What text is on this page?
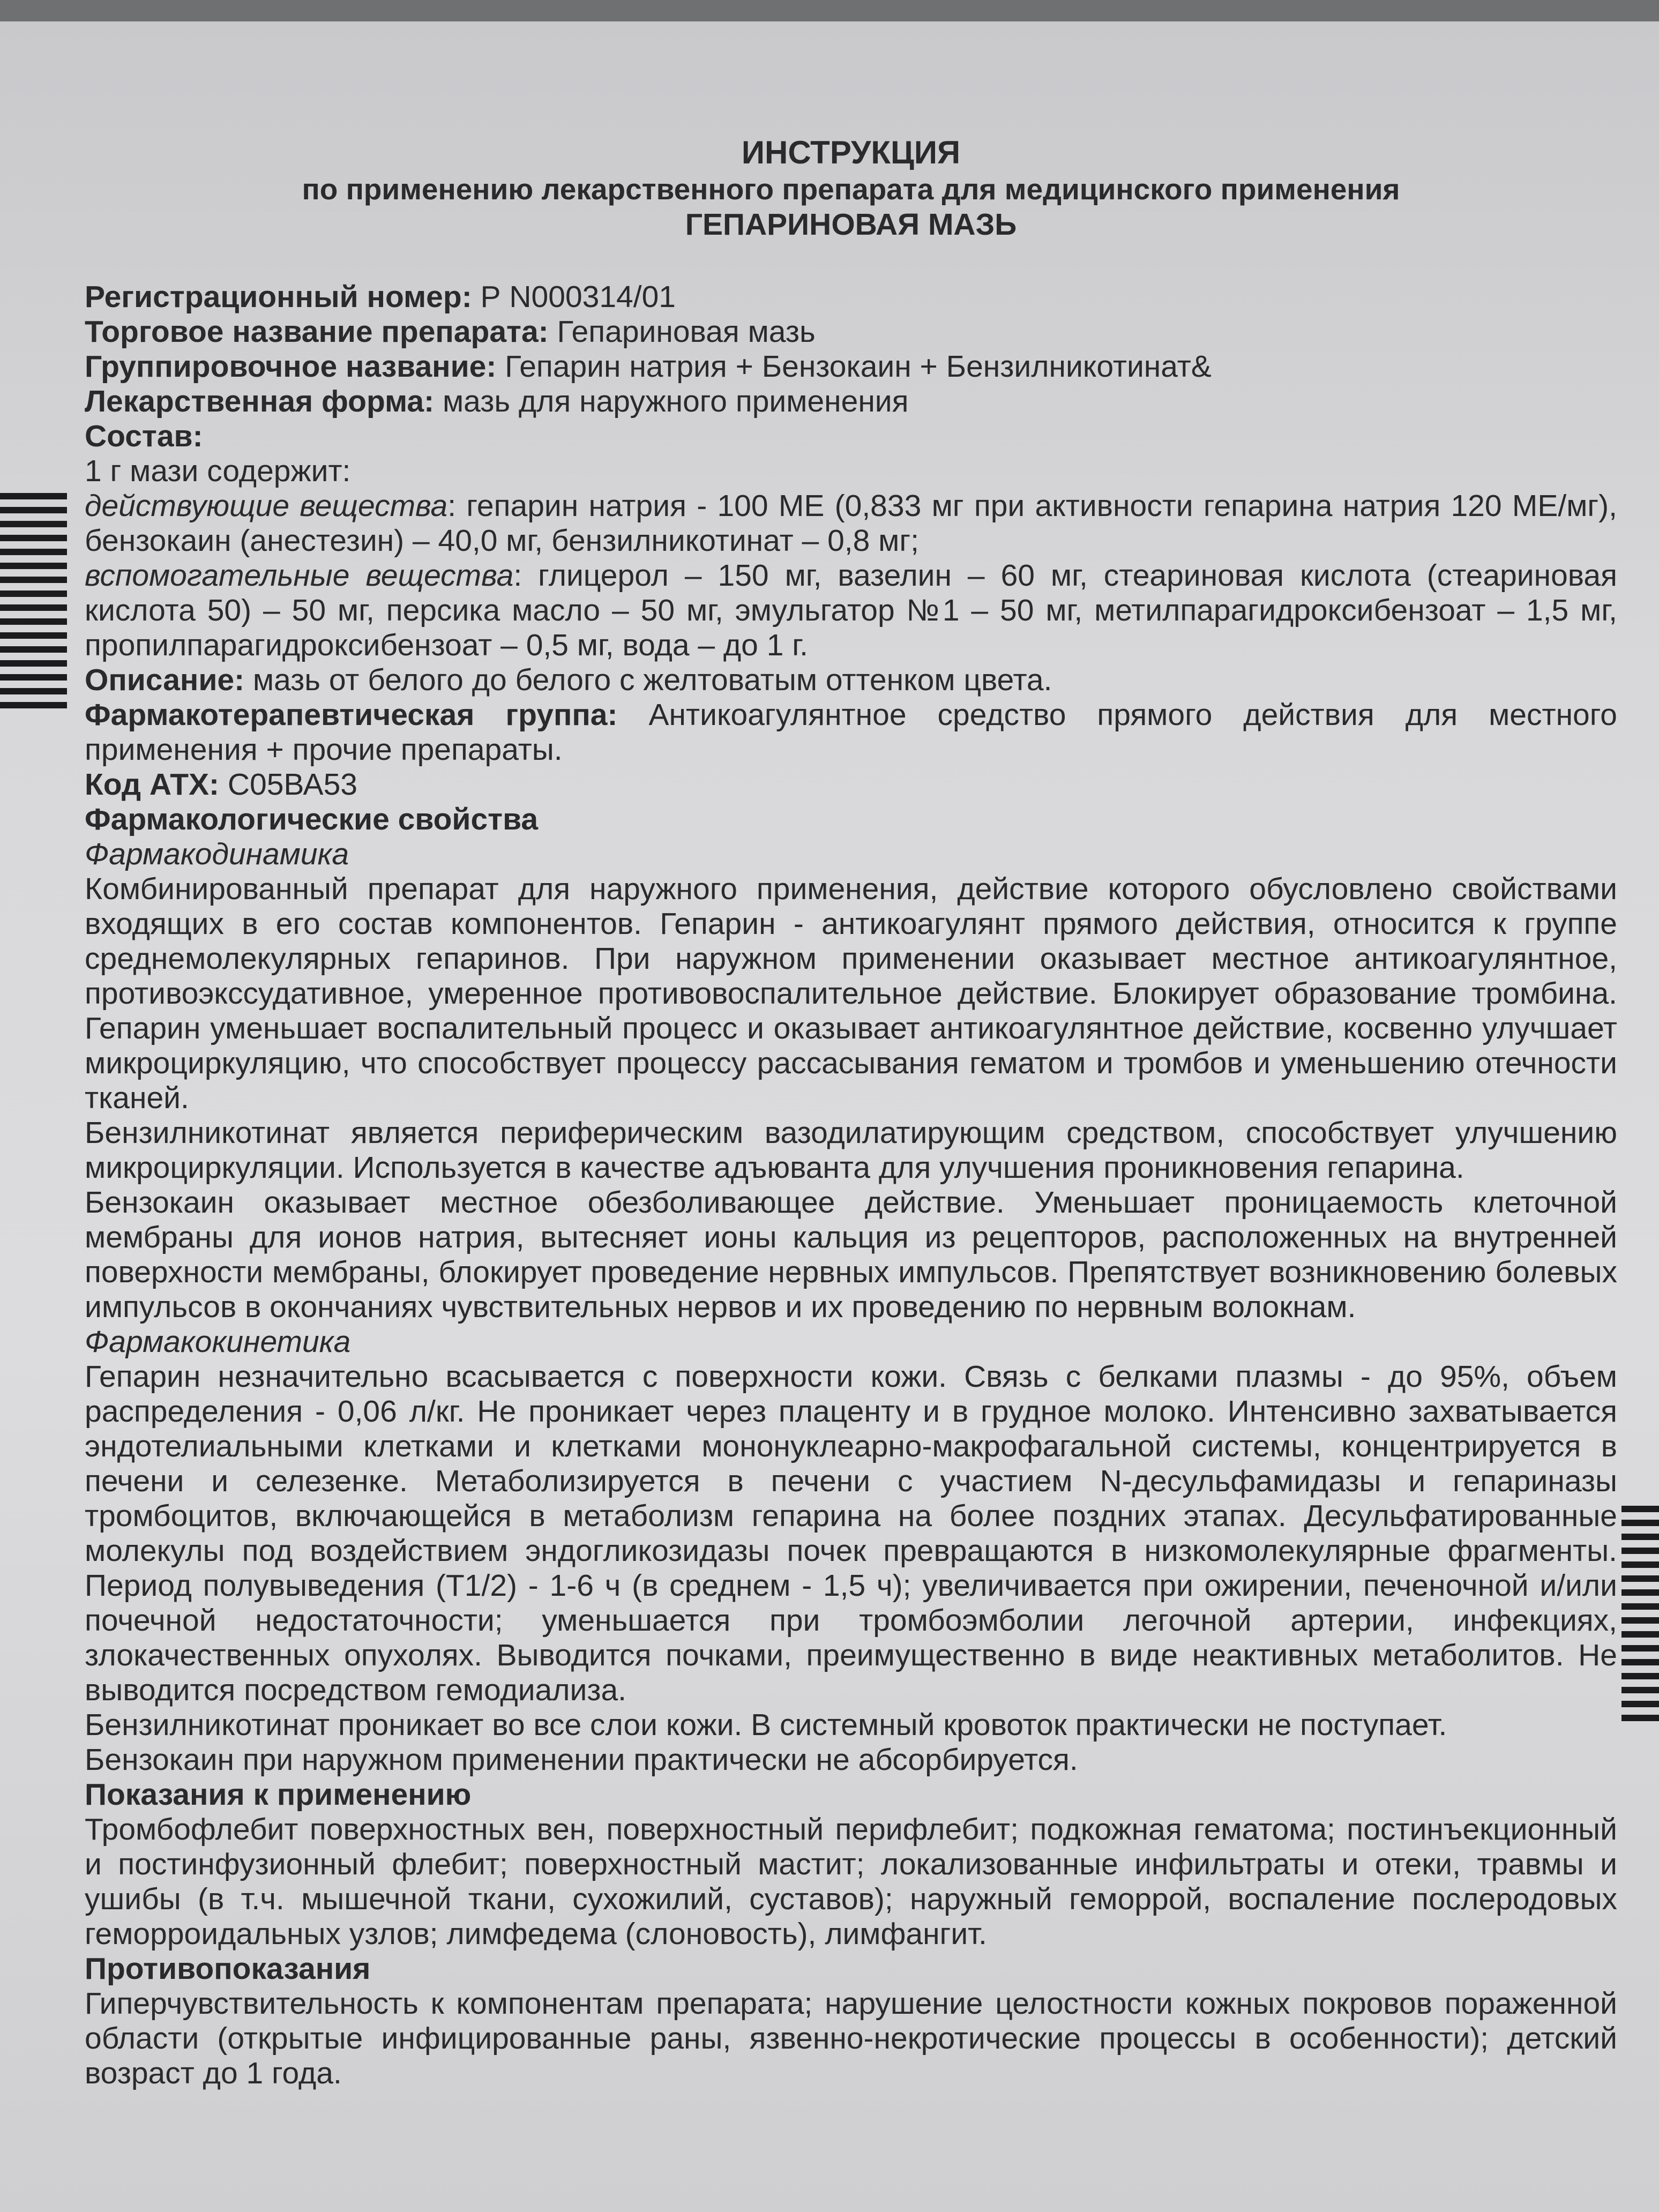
ИНСТРУКЦИЯ
по применению лекарственного препарата для медицинского применения
ГЕПАРИНОВАЯ МАЗЬ

Регистрационный номер: Р N000314/01

Торговое название препарата: Гепариновая мазь

Группировочное название: Гепарин натрия + Бензокаин + Бензилникотинат&

Лекарственная форма: мазь для наружного применения

Состав:

1 г мази содержит:

действующие вещества: гепарин натрия - 100 МЕ (0,833 мг при активности гепарина натрия 120 МЕ/мг), бензокаин (анестезин) – 40,0 мг, бензилникотинат – 0,8 мг;

вспомогательные вещества: глицерол – 150 мг, вазелин – 60 мг, стеариновая кислота (стеариновая кислота 50) – 50 мг, персика масло – 50 мг, эмульгатор №1 – 50 мг, метилпарагидроксибензоат – 1,5 мг, пропилпарагидроксибензоат – 0,5 мг, вода – до 1 г.

Описание: мазь от белого до белого с желтоватым оттенком цвета.

Фармакотерапевтическая группа: Антикоагулянтное средство прямого действия для местного применения + прочие препараты.

Код АТХ: С05ВА53

Фармакологические свойства

Фармакодинамика

Комбинированный препарат для наружного применения, действие которого обусловлено свойствами входящих в его состав компонентов. Гепарин - антикоагулянт прямого действия, относится к группе среднемолекулярных гепаринов. При наружном применении оказывает местное антикоагулянтное, противоэкссудативное, умеренное противовоспалительное действие. Блокирует образование тромбина. Гепарин уменьшает воспалительный процесс и оказывает антикоагулянтное действие, косвенно улучшает микроциркуляцию, что способствует процессу рассасывания гематом и тромбов и уменьшению отечности тканей.

Бензилникотинат является периферическим вазодилатирующим средством, способствует улучшению микроциркуляции. Используется в качестве адъюванта для улучшения проникновения гепарина.

Бензокаин оказывает местное обезболивающее действие. Уменьшает проницаемость клеточной мембраны для ионов натрия, вытесняет ионы кальция из рецепторов, расположенных на внутренней поверхности мембраны, блокирует проведение нервных импульсов. Препятствует возникновению болевых импульсов в окончаниях чувствительных нервов и их проведению по нервным волокнам.

Фармакокинетика

Гепарин незначительно всасывается с поверхности кожи. Связь с белками плазмы - до 95%, объем распределения - 0,06 л/кг. Не проникает через плаценту и в грудное молоко. Интенсивно захватывается эндотелиальными клетками и клетками мононуклеарно-макрофагальной системы, концентрируется в печени и селезенке. Метаболизируется в печени с участием N-десульфамидазы и гепариназы тромбоцитов, включающейся в метаболизм гепарина на более поздних этапах. Десульфатированные молекулы под воздействием эндогликозидазы почек превращаются в низкомолекулярные фрагменты. Период полувыведения (Т1/2) - 1-6 ч (в среднем - 1,5 ч); увеличивается при ожирении, печеночной и/или почечной недостаточности; уменьшается при тромбоэмболии легочной артерии, инфекциях, злокачественных опухолях. Выводится почками, преимущественно в виде неактивных метаболитов. Не выводится посредством гемодиализа.

Бензилникотинат проникает во все слои кожи. В системный кровоток практически не поступает.

Бензокаин при наружном применении практически не абсорбируется.

Показания к применению

Тромбофлебит поверхностных вен, поверхностный перифлебит; подкожная гематома; постинъекционный и постинфузионный флебит; поверхностный мастит; локализованные инфильтраты и отеки, травмы и ушибы (в т.ч. мышечной ткани, сухожилий, суставов); наружный геморрой, воспаление послеродовых геморроидальных узлов; лимфедема (слоновость), лимфангит.

Противопоказания

Гиперчувствительность к компонентам препарата; нарушение целостности кожных покровов пораженной области (открытые инфицированные раны, язвенно-некротические процессы в особенности); детский возраст до 1 года.
